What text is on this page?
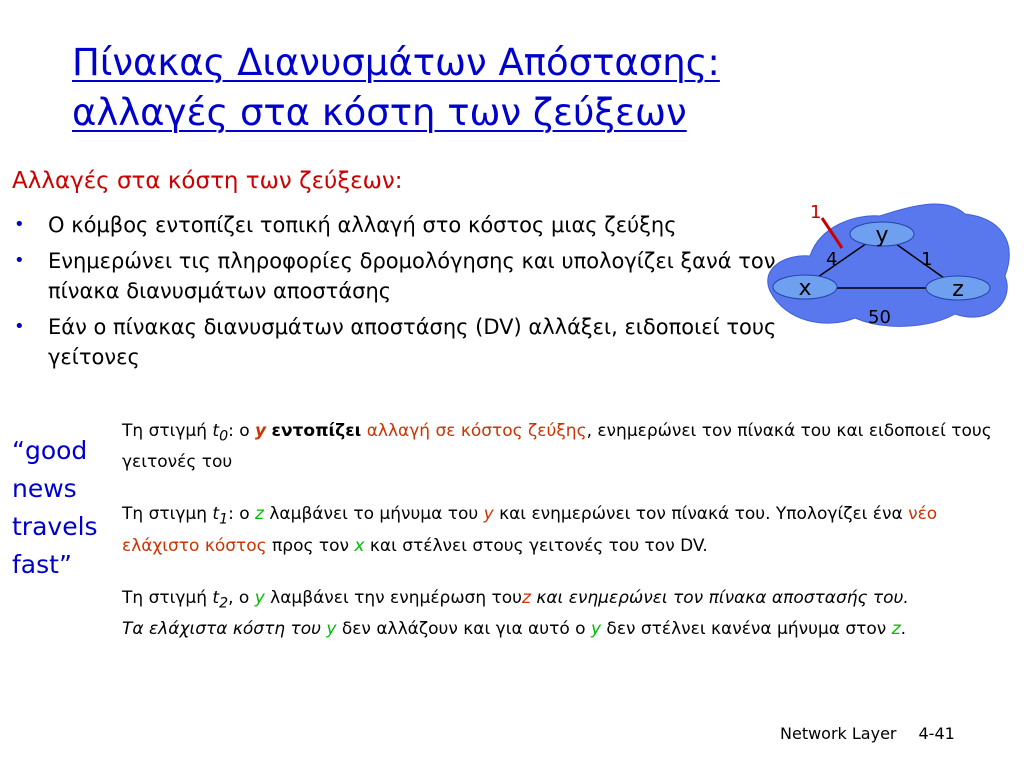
Πίνακας Διανυσμάτων Απόστασης:
αλλαγές στα κόστη των ζεύξεων
Αλλαγές στα κόστη των ζεύξεων:
• Ο κόμβος εντοπίζει τοπική αλλαγή στο κόστος μιας ζεύξης
• Ενημερώνει τις πληροφορίες δρομολόγησης και υπολογίζει ξανά τον πίνακα διανυσμάτων αποστάσης
• Εάν ο πίνακας διανυσμάτων αποστάσης (DV) αλλάξει, ειδοποιεί τους γείτονες
y
x	z
1
4	1
50
“good
news
travels
fast”

Τη στιγμή $t_0$: ο y εντοπίζει αλλαγή σε κόστος ζεύξης, ενημερώνει τον πίνακά του και ειδοποιεί τους γειτονές του

Τη στιγμη $t_1$: ο z λαμβάνει το μήνυμα του y και ενημερώνει τον πίνακά του. Υπολογίζει ένα νέο ελάχιστο κόστος προς τον x και στέλνει στους γειτονές του τον DV.

Τη στιγμή $t_2$, ο y λαμβάνει την ενημέρωση τουz και ενημερώνει τον πίνακα αποστασής του.
Τα ελάχιστα κόστη του y δεν αλλάζουν και για αυτό ο y δεν στέλνει κανένα μήνυμα στον z.

Network Layer 4-41
